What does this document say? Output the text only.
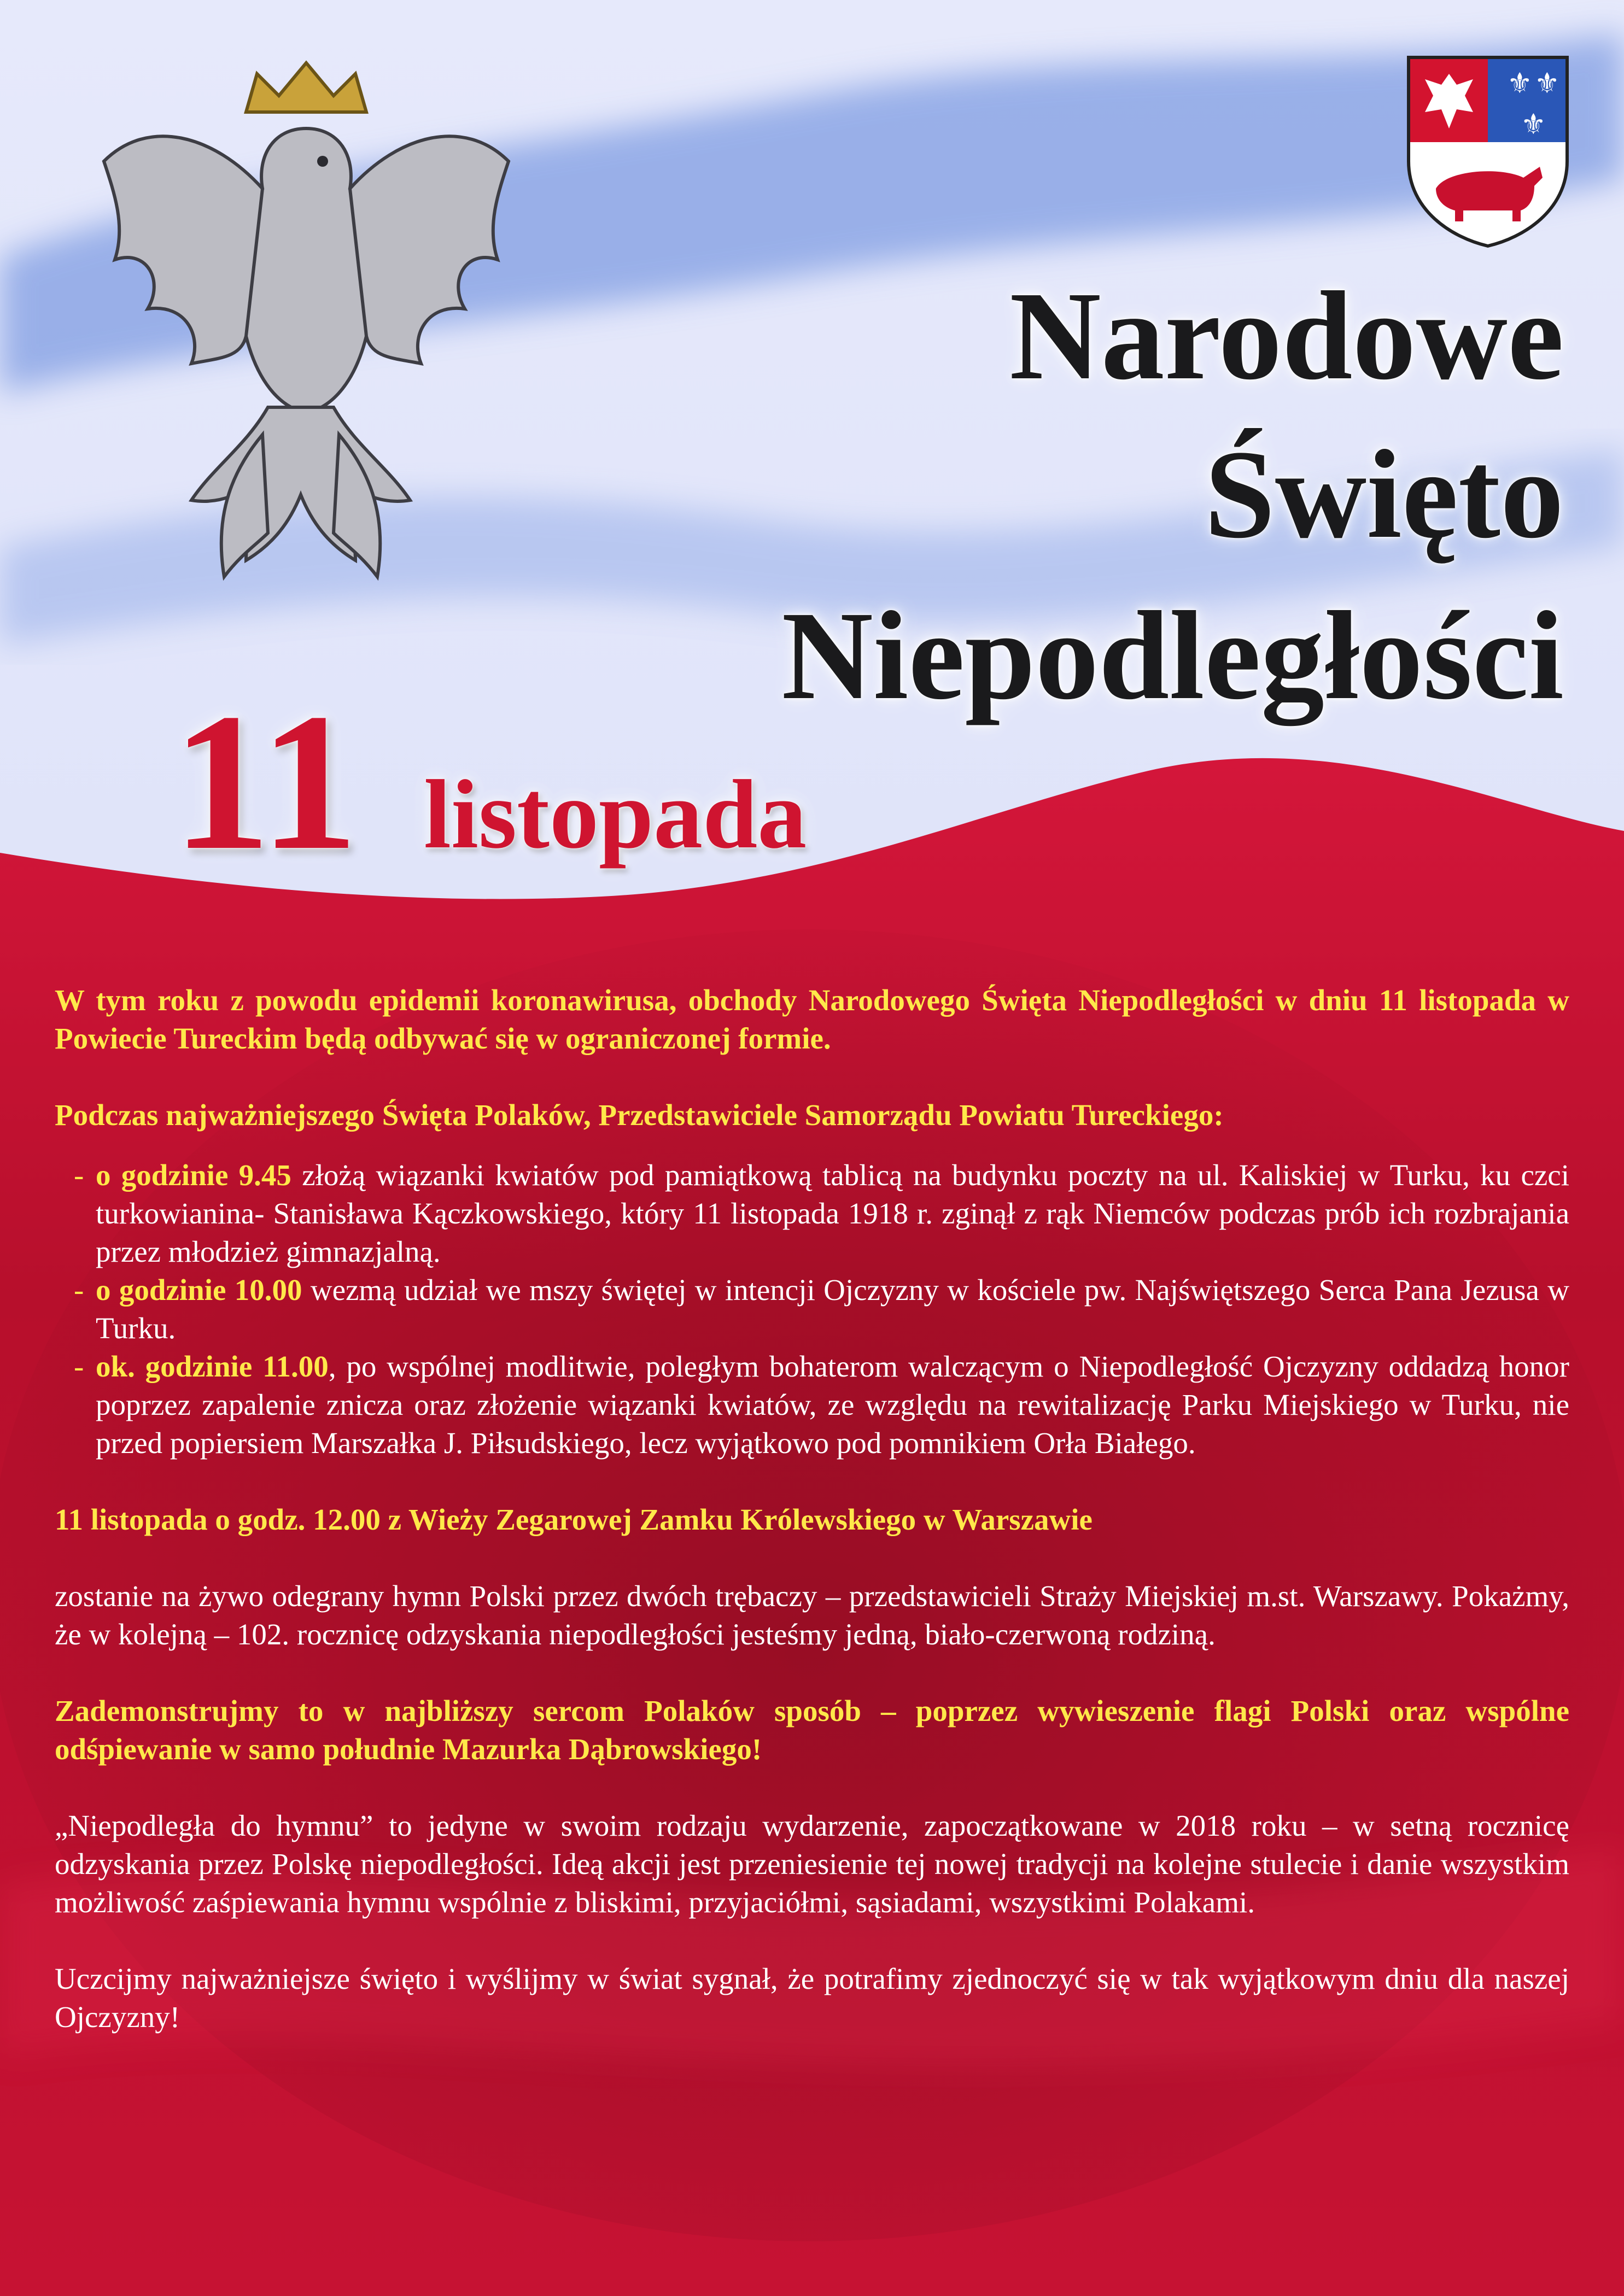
⚜ ⚜
⚜
Narodowe
Święto
Niepodległości
11 listopada

W tym roku z powodu epidemii koronawirusa, obchody Narodowego Święta Niepodległości w dniu 11 listopada w Powiecie Tureckim będą odbywać się w ograniczonej formie.

Podczas najważniejszego Święta Polaków, Przedstawiciele Samorządu Powiatu Tureckiego:

- o godzinie 9.45 złożą wiązanki kwiatów pod pamiątkową tablicą na budynku poczty na ul. Kaliskiej w Turku, ku czci turkowianina- Stanisława Kączkowskiego, który 11 listopada 1918 r. zginął z rąk Niemców podczas prób ich rozbrajania przez młodzież gimnazjalną.
- o godzinie 10.00 wezmą udział we mszy świętej w intencji Ojczyzny w kościele pw. Najświętszego Serca Pana Jezusa w Turku.
- ok. godzinie 11.00, po wspólnej modlitwie, poległym bohaterom walczącym o Niepodległość Ojczyzny oddadzą honor poprzez zapalenie znicza oraz złożenie wiązanki kwiatów, ze względu na rewitalizację Parku Miejskiego w Turku, nie przed popiersiem Marszałka J. Piłsudskiego, lecz wyjątkowo pod pomnikiem Orła Białego.

11 listopada o godz. 12.00 z Wieży Zegarowej Zamku Królewskiego w Warszawie

zostanie na żywo odegrany hymn Polski przez dwóch trębaczy – przedstawicieli Straży Miejskiej m.st. Warszawy. Pokażmy, że w kolejną – 102. rocznicę odzyskania niepodległości jesteśmy jedną, biało-czerwoną rodziną.

Zademonstrujmy to w najbliższy sercom Polaków sposób – poprzez wywieszenie flagi Polski oraz wspólne odśpiewanie w samo południe Mazurka Dąbrowskiego!

„Niepodległa do hymnu” to jedyne w swoim rodzaju wydarzenie, zapoczątkowane w 2018 roku – w setną rocznicę odzyskania przez Polskę niepodległości. Ideą akcji jest przeniesienie tej nowej tradycji na kolejne stulecie i danie wszystkim możliwość zaśpiewania hymnu wspólnie z bliskimi, przyjaciółmi, sąsiadami, wszystkimi Polakami.

Uczcijmy najważniejsze święto i wyślijmy w świat sygnał, że potrafimy zjednoczyć się w tak wyjątkowym dniu dla naszej Ojczyzny!
